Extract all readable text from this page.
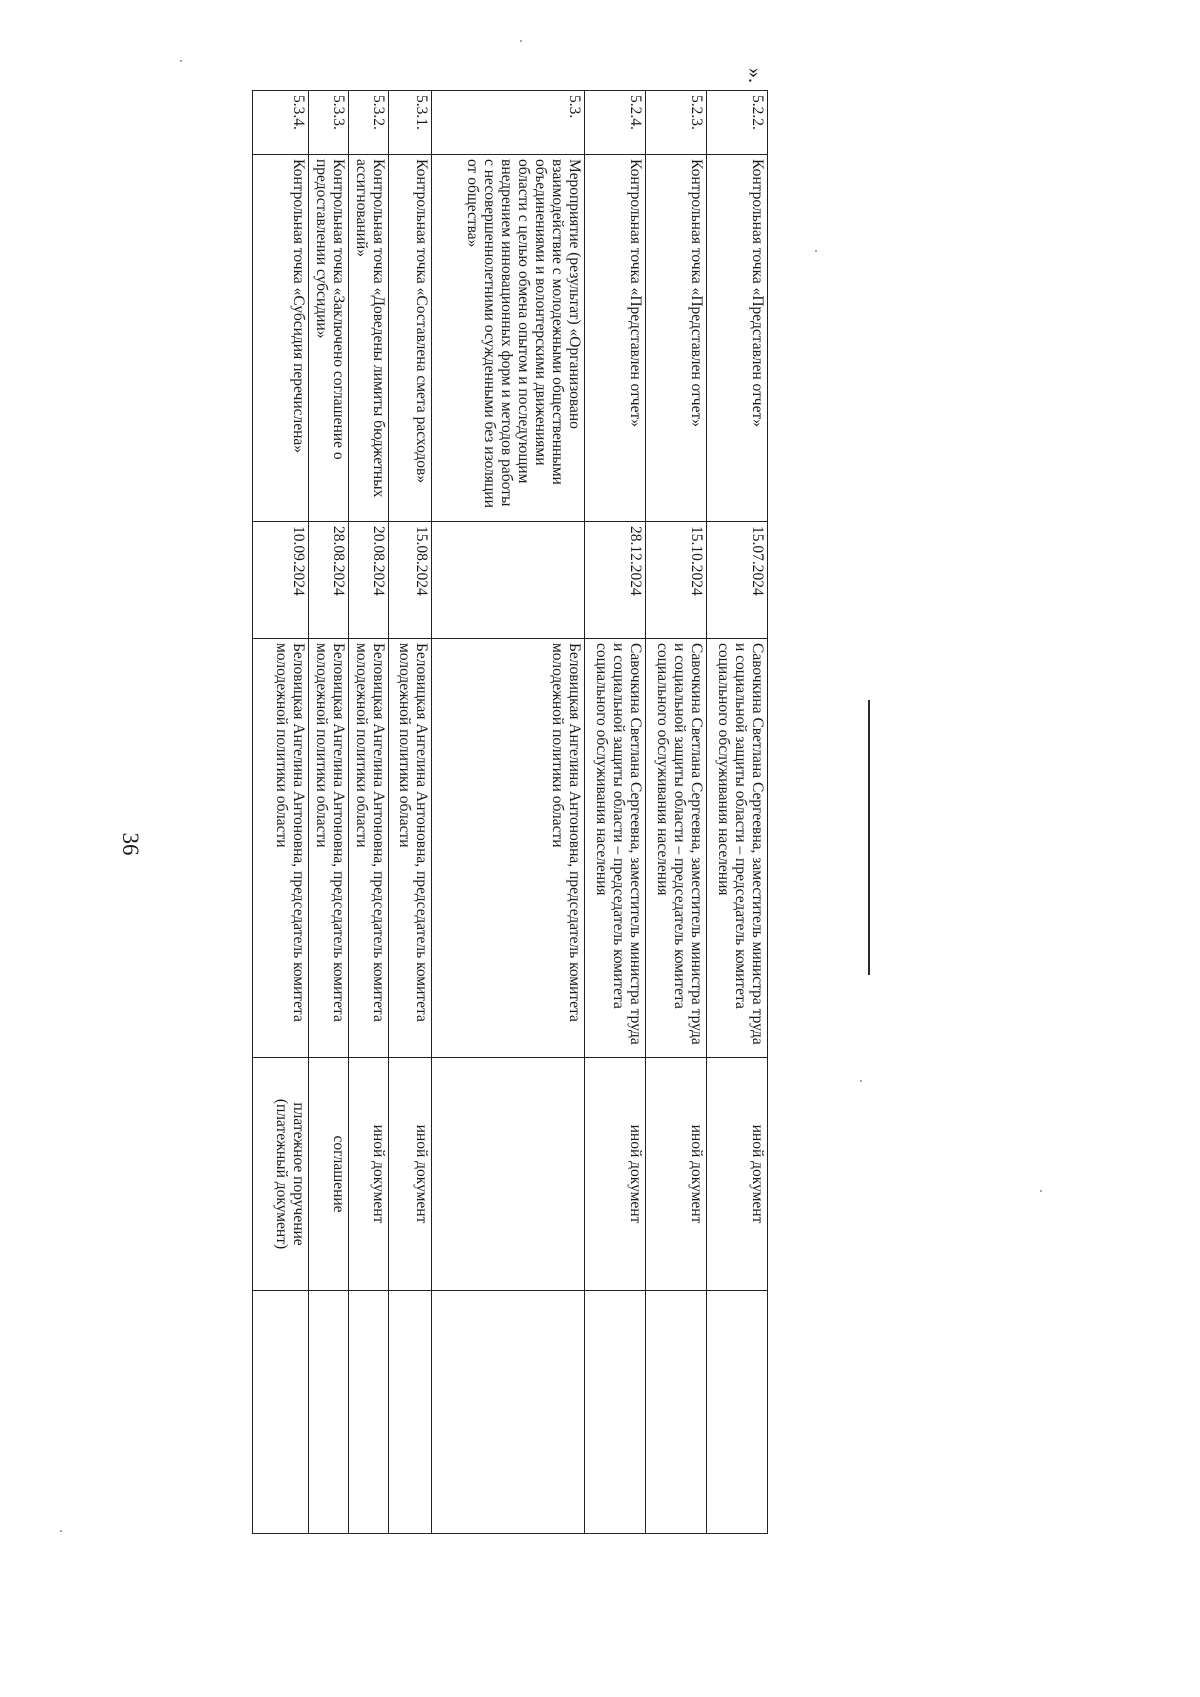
36
».
5.2.2.	Контрольная точка «Представлен отчет»	15.07.2024	Савочкина Светлана Сергеевна, заместитель министра труда и социальной защиты области – председатель комитета социального обслуживания населения	иной документ	
5.2.3.	Контрольная точка «Представлен отчет»	15.10.2024	Савочкина Светлана Сергеевна, заместитель министра труда и социальной защиты области – председатель комитета социального обслуживания населения	иной документ	
5.2.4.	Контрольная точка «Представлен отчет»	28.12.2024	Савочкина Светлана Сергеевна, заместитель министра труда и социальной защиты области – председатель комитета социального обслуживания населения	иной документ	
5.3.	Мероприятие (результат) «Организовано взаимодействие с молодежными общественными объединениями и волонтерскими движениями области с целью обмена опытом и последующим внедрением инновационных форм и методов работы с несовершеннолетними осужденными без изоляции от общества»		Беловицкая Ангелина Антоновна, председатель комитета молодежной политики области		
5.3.1.	Контрольная точка «Составлена смета расходов»	15.08.2024	Беловицкая Ангелина Антоновна, председатель комитета молодежной политики области	иной документ	
5.3.2.	Контрольная точка «Доведены лимиты бюджетных ассигнований»	20.08.2024	Беловицкая Ангелина Антоновна, председатель комитета молодежной политики области	иной документ	
5.3.3.	Контрольная точка «Заключено соглашение о предоставлении субсидии»	28.08.2024	Беловицкая Ангелина Антоновна, председатель комитета молодежной политики области	соглашение	
5.3.4.	Контрольная точка «Субсидия перечислена»	10.09.2024	Беловицкая Ангелина Антоновна, председатель комитета молодежной политики области	платежное поручение (платежный документ)	
